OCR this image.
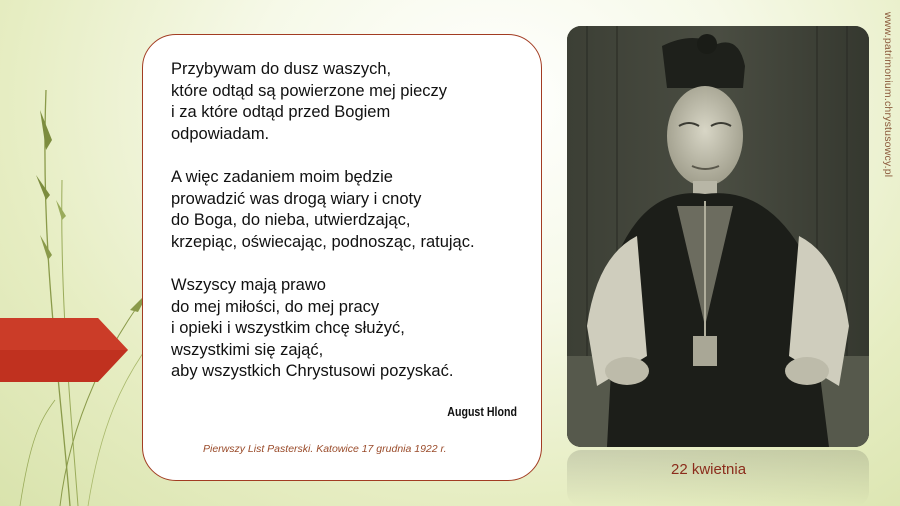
Przybywam do dusz waszych,
które odtąd są powierzone mej pieczy
i za które odtąd przed Bogiem
odpowiadam.
A więc zadaniem moim będzie
prowadzić was drogą wiary i cnoty
do Boga, do nieba, utwierdzając,
krzepiąc, oświecając, podnosząc, ratując.
Wszyscy mają prawo
do mej miłości, do mej pracy
i opieki i wszystkim chcę służyć,
wszystkimi się zająć,
aby wszystkich Chrystusowi pozyskać.
August Hlond
Pierwszy List Pasterski. Katowice 17 grudnia 1922 r.
22 kwietnia
www.patrimonium.chrystusowcy.pl
